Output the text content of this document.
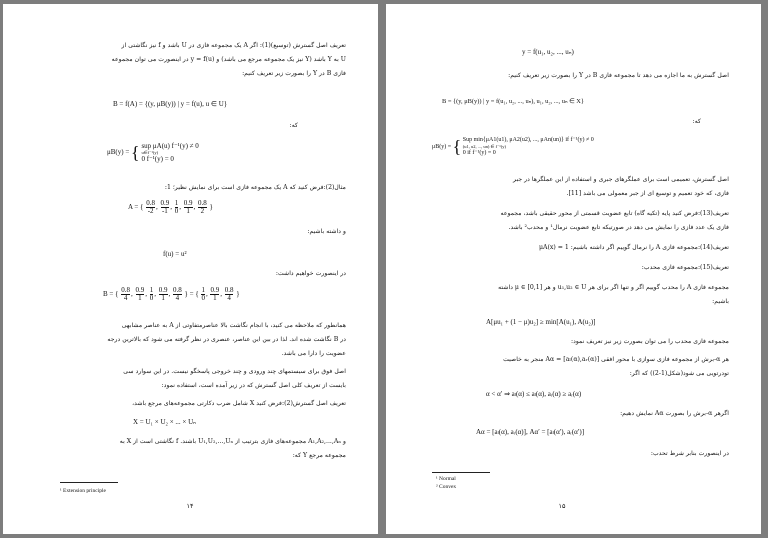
تعریف اصل گسترش (توسیع)(1): اگر A یک مجموعه فازی در U باشد و f نیز نگاشتی از
U به Y باشد (Y نیز یک مجموعه مرجع می باشد) و y = f(u) در اینصورت می توان مجموعه
فازی B در Y را بصورت زیر تعریف کنیم:
B = f(A) = {(y, μB(y)) | y = f(u), u ∈ U}
که:
μB(y) = { sup μA(u) f⁻¹(y) ≠ 0
u∈f⁻¹(y)
0 f⁻¹(y) = 0
مثال(2):فرض کنید که A یک مجموعه فازی است برای نمایش نظیر؛ 1:
A = { $\frac{0.8}{-2}$ , $\frac{0.9}{-1}$ , $\frac{1}{0}$ , $\frac{0.9}{1}$ , $\frac{0.8}{2}$ }
و داشته باشیم:
f(u) = u²
در اینصورت خواهیم داشت:
B = { $\frac{0.8}{4}$ , $\frac{0.9}{1}$ , $\frac{1}{0}$ , $\frac{0.9}{1}$ , $\frac{0.8}{4}$ } = { $\frac{1}{0}$ , $\frac{0.9}{1}$ , $\frac{0.8}{4}$ }
همانطور که ملاحظه می کنید، با انجام نگاشت بالا عناصرمتفاوتی از A به عناصر مشابهی
در B نگاشت شده اند. لذا در بین این عناصر، عنصری در نظر گرفته می شود که بالاترین درجه
عضویت را دارا می باشد.
اصل فوق برای سیستمهای چند ورودی و چند خروجی پاسخگو نیست. در این سوارد سی
بایست از تعریف کلی اصل گسترش که در زیر آمده است، استفاده نمود:
تعریف اصل گسترش(2):فرض کنید X شامل ضرب دکارتی مجموعه‌های مرجع باشد،
X = U₁ × U₂ × ... × Uₙ
و A₁,A₂,...,Aₙ مجموعه‌های فازی بترتیب از U₁,U₂,...,Uₙ باشند. f نگاشتی است از X به
مجموعه مرجع Y که:
¹ Extension principle
۱۴
y = f(u₁, u₂, ..., uₙ)
اصل گسترش به ما اجازه می دهد تا مجموعه فازی B در Y را بصورت زیر تعریف کنیم:
B = {(y, μB(y)) | y = f(u₁, u₂, ..., uₙ), u₁, u₂, ..., uₙ ∈ X}
که:
μB(y) = { Sup min{μA1(u1), μA2(u2), ..., μAn(un)} if f⁻¹(y) ≠ 0
(u1, u2, ..., un) ∈ f⁻¹(y)
0 if f⁻¹(y) = 0
اصل گسترش، تعمیمی است برای عملگرهای جبری و استفاده از این عملگرها در جبر
فازی، که خود تعمیم و توسیع ای از جبر معمولی می باشد [11].
تعریف(13):فرض کنید پایه (تکیه گاه) تابع عضویت قسمتی از محور حقیقی باشد، مجموعه
فازی یک عدد فازی را نمایش می دهد در صورتیکه تابع عضویت نرمال¹ و محدب² باشد.
تعریف(14):مجموعه فازی A را نرمال گوییم اگر داشته باشیم: μA(x) = 1
تعریف(15):مجموعه فازی محدب:
مجموعه فازی A را محدب گوییم اگر و تنها اگر برای هر u₁,u₂ ∈ U و هر μ ∈ [0,1] داشته
باشیم:
A[μu₁ + (1 − μ)u₂] ≥ min[A(u₁), A(u₂)]
مجموعه فازی محدب را می توان بصورت زیر نیز تعریف نمود:
هر α-برش از مجموعه فازی سوازی با محور افقی [aₗ(α),aᵣ(α)] = Aα منجر به خاصیت
تودرتویی می شود(شکل(1-2)) که اگر:
α < α′ ⇒ aₗ(α) ≤ aₗ(α), aᵣ(α) ≥ aᵣ(α)
اگرهر α-برش را بصورت Aα نمایش دهیم:
Aα = [aₗ(α), aᵣ(α)], Aα′ = [aₗ(α′), aᵣ(α′)]
در اینصورت بنابر شرط تحدب:
¹ Normal
² Convex
۱۵
